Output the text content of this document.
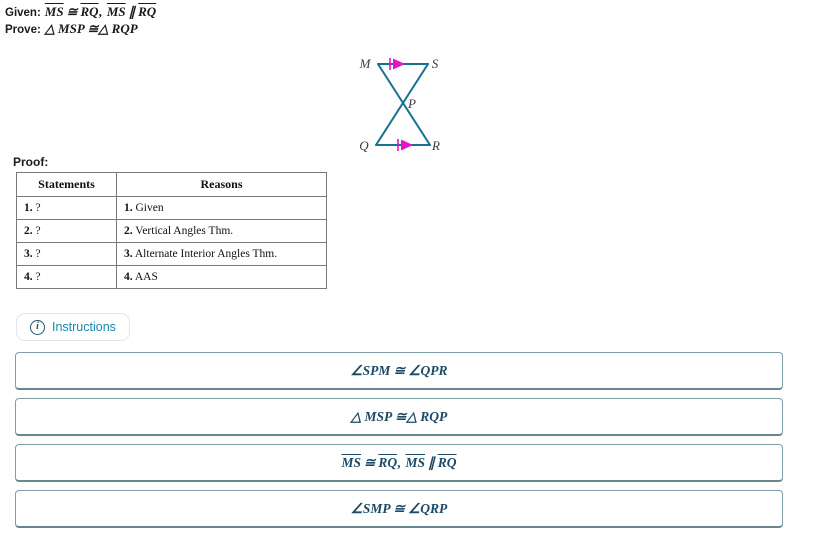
Given: $\overline{MS}$ ≅ $\overline{RQ}$, $\overline{MS}$ ∥ $\overline{RQ}$
Prove: △ MSP ≅△ RQP
M	S
P
Q	R
Proof:
Statements	Reasons
1. ?	1. Given
2. ?	2. Vertical Angles Thm.
3. ?	3. Alternate Interior Angles Thm.
4. ?	4. AAS
i	Instructions
∠SPM ≅ ∠QPR
△ MSP ≅△ RQP
$\overline{MS}$ ≅ $\overline{RQ}$, $\overline{MS}$ ∥ $\overline{RQ}$
∠SMP ≅ ∠QRP
